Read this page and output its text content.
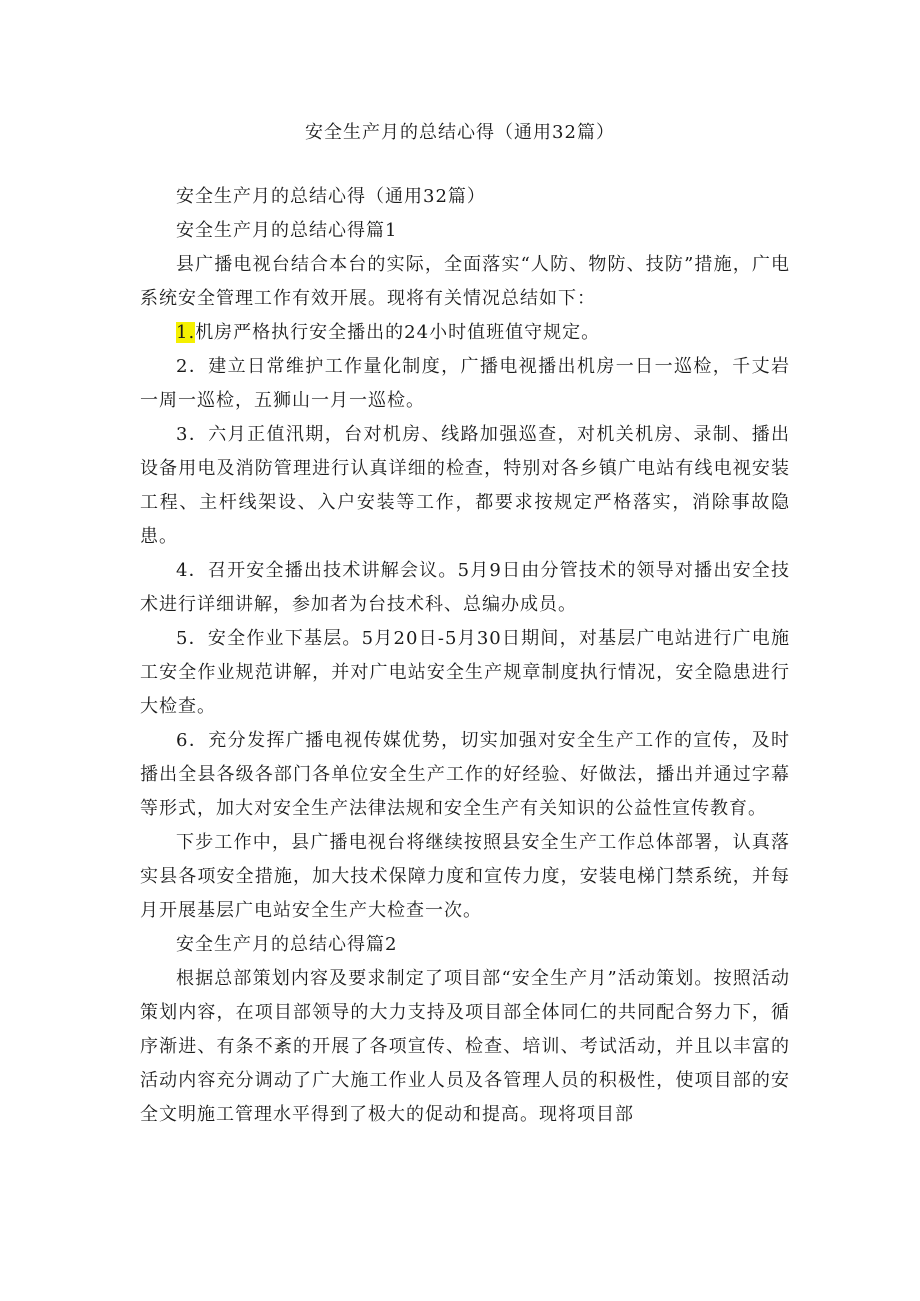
安全生产月的总结心得（通用32篇）

安全生产月的总结心得（通用32篇）

安全生产月的总结心得篇1

县广播电视台结合本台的实际，全面落实“人防、物防、技防”措施，广电系统安全管理工作有效开展。现将有关情况总结如下：

1.机房严格执行安全播出的24小时值班值守规定。

2．建立日常维护工作量化制度，广播电视播出机房一日一巡检，千丈岩一周一巡检，五狮山一月一巡检。

3．六月正值汛期，台对机房、线路加强巡查，对机关机房、录制、播出设备用电及消防管理进行认真详细的检查，特别对各乡镇广电站有线电视安装工程、主杆线架设、入户安装等工作，都要求按规定严格落实，消除事故隐患。

4．召开安全播出技术讲解会议。5月9日由分管技术的领导对播出安全技术进行详细讲解，参加者为台技术科、总编办成员。

5．安全作业下基层。5月20日-5月30日期间，对基层广电站进行广电施工安全作业规范讲解，并对广电站安全生产规章制度执行情况，安全隐患进行大检查。

6．充分发挥广播电视传媒优势，切实加强对安全生产工作的宣传，及时播出全县各级各部门各单位安全生产工作的好经验、好做法，播出并通过字幕等形式，加大对安全生产法律法规和安全生产有关知识的公益性宣传教育。

下步工作中，县广播电视台将继续按照县安全生产工作总体部署，认真落实县各项安全措施，加大技术保障力度和宣传力度，安装电梯门禁系统，并每月开展基层广电站安全生产大检查一次。

安全生产月的总结心得篇2

根据总部策划内容及要求制定了项目部“安全生产月”活动策划。按照活动策划内容，在项目部领导的大力支持及项目部全体同仁的共同配合努力下，循序渐进、有条不紊的开展了各项宣传、检查、培训、考试活动，并且以丰富的活动内容充分调动了广大施工作业人员及各管理人员的积极性，使项目部的安全文明施工管理水平得到了极大的促动和提高。现将项目部
